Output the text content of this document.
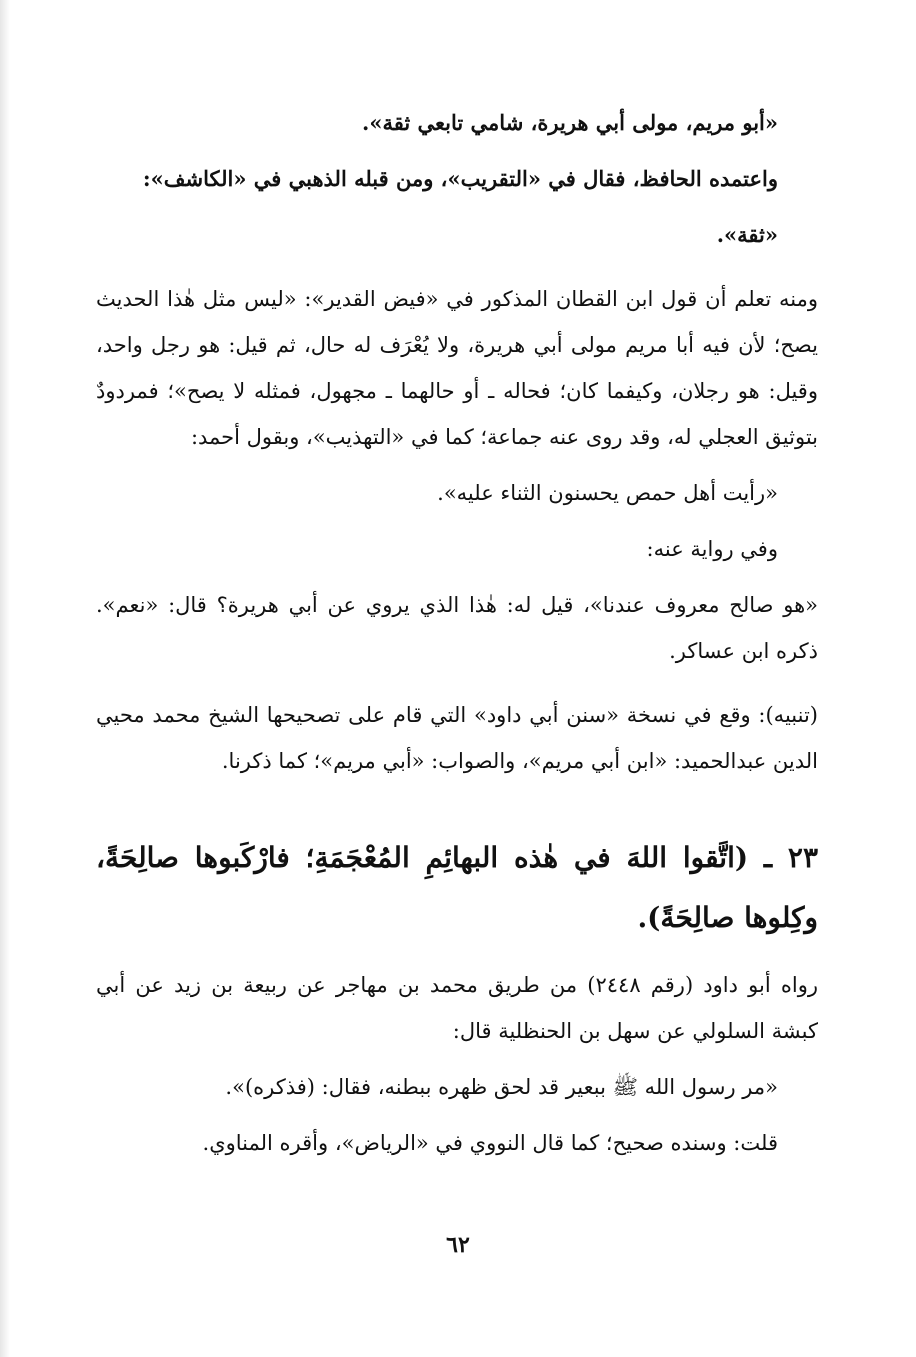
«أبو مريم، مولى أبي هريرة، شامي تابعي ثقة».

واعتمده الحافظ، فقال في «التقريب»، ومن قبله الذهبي في «الكاشف»:

«ثقة».

ومنه تعلم أن قول ابن القطان المذكور في «فيض القدير»: «ليس مثل هٰذا الحديث يصح؛ لأن فيه أبا مريم مولى أبي هريرة، ولا يُعْرَف له حال، ثم قيل: هو رجل واحد، وقيل: هو رجلان، وكيفما كان؛ فحاله ـ أو حالهما ـ مجهول، فمثله لا يصح»؛ فمردودٌ بتوثيق العجلي له، وقد روى عنه جماعة؛ كما في «التهذيب»، وبقول أحمد:

«رأيت أهل حمص يحسنون الثناء عليه».

وفي رواية عنه:

«هو صالح معروف عندنا»، قيل له: هٰذا الذي يروي عن أبي هريرة؟ قال: «نعم». ذكره ابن عساكر.

(تنبيه): وقع في نسخة «سنن أبي داود» التي قام على تصحيحها الشيخ محمد محيي الدين عبدالحميد: «ابن أبي مريم»، والصواب: «أبي مريم»؛ كما ذكرنا.

٢٣ ـ (اتَّقوا اللهَ في هٰذه البهائِمِ المُعْجَمَةِ؛ فارْكَبوها صالِحَةً، وكِلوها صالِحَةً).

رواه أبو داود (رقم ٢٤٤٨) من طريق محمد بن مهاجر عن ربيعة بن زيد عن أبي كبشة السلولي عن سهل بن الحنظلية قال:

«مر رسول الله ﷺ ببعير قد لحق ظهره ببطنه، فقال: (فذكره)».

قلت: وسنده صحيح؛ كما قال النووي في «الرياض»، وأقره المناوي.

٦٢
